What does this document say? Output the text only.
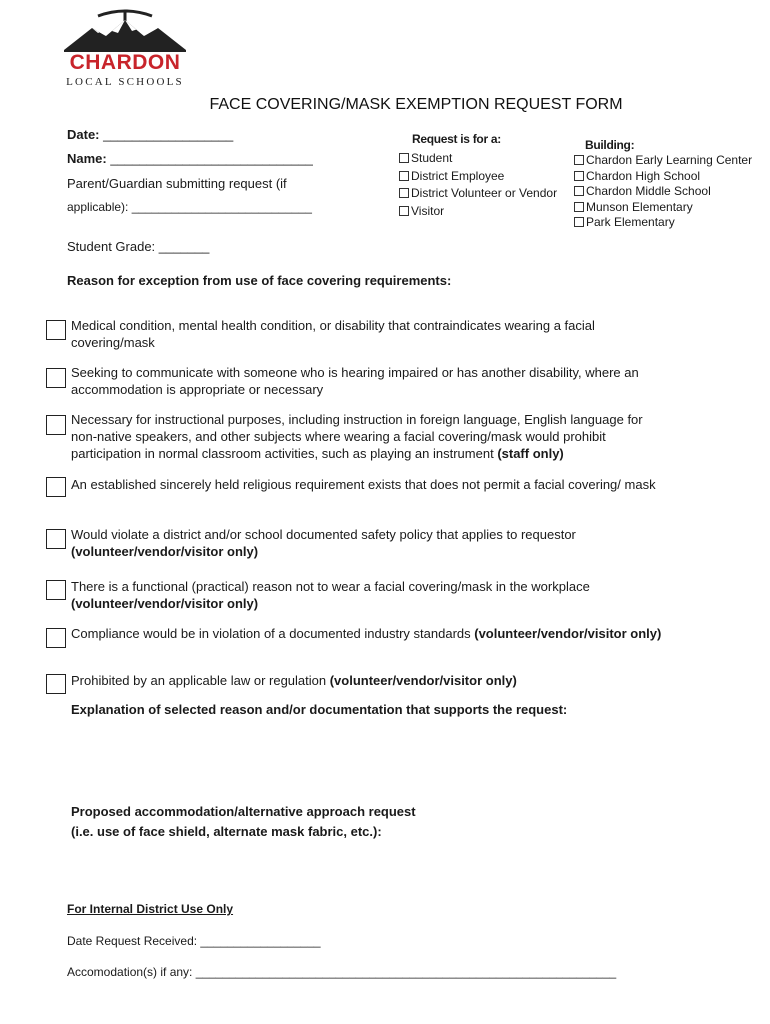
CHARDON
LOCAL SCHOOLS
FACE COVERING/MASK EXEMPTION REQUEST FORM
Date: __________________
Name: ____________________________
Parent/Guardian submitting request (if
applicable): ___________________________
Student Grade: _______
Request is for a:
Student
District Employee
District Volunteer or Vendor
Visitor
Building:
Chardon Early Learning Center
Chardon High School
Chardon Middle School
Munson Elementary
Park Elementary
Reason for exception from use of face covering requirements:
Medical condition, mental health condition, or disability that contraindicates wearing a facial covering/mask
Seeking to communicate with someone who is hearing impaired or has another disability, where an accommodation is appropriate or necessary
Necessary for instructional purposes, including instruction in foreign language, English language for non-native speakers, and other subjects where wearing a facial covering/mask would prohibit participation in normal classroom activities, such as playing an instrument (staff only)
An established sincerely held religious requirement exists that does not permit a facial covering/ mask
Would violate a district and/or school documented safety policy that applies to requestor (volunteer/vendor/visitor only)
There is a functional (practical) reason not to wear a facial covering/mask in the workplace (volunteer/vendor/visitor only)
Compliance would be in violation of a documented industry standards (volunteer/vendor/visitor only)
Prohibited by an applicable law or regulation (volunteer/vendor/visitor only)
Explanation of selected reason and/or documentation that supports the request:
Proposed accommodation/alternative approach request
(i.e. use of face shield, alternate mask fabric, etc.):
For Internal District Use Only
Date Request Received: __________________
Accomodation(s) if any: _______________________________________________________________
